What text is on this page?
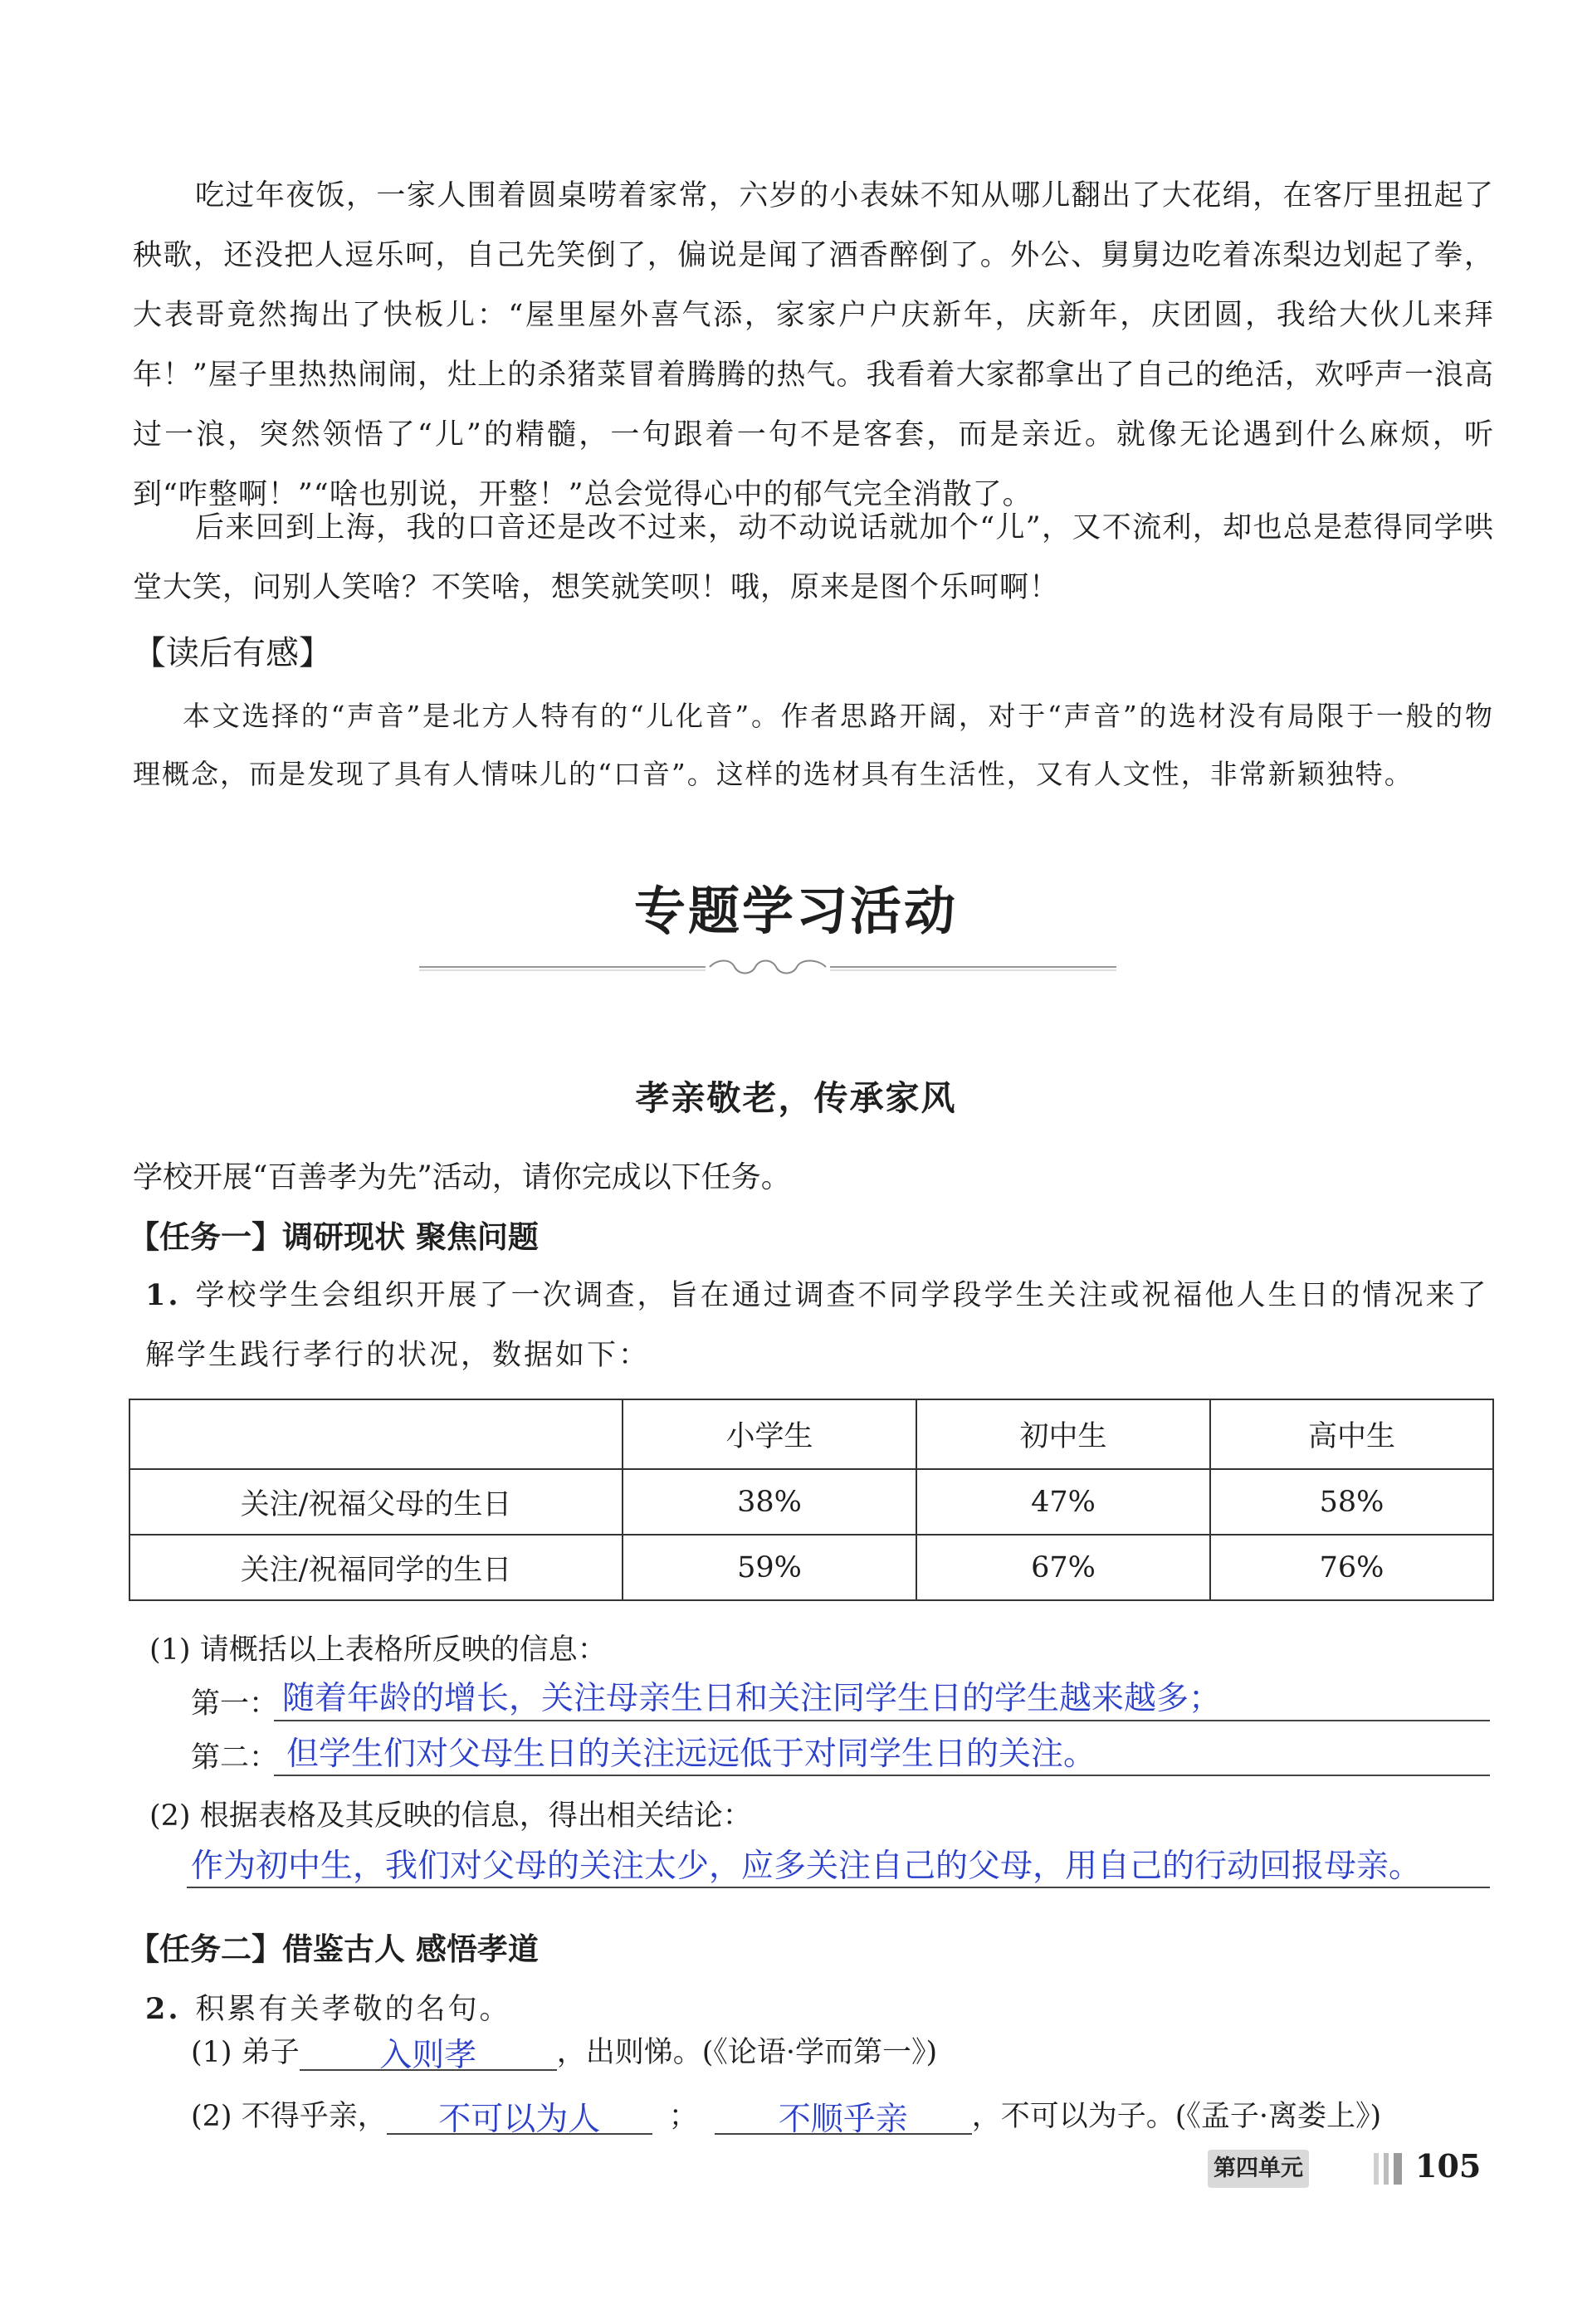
吃过年夜饭，一家人围着圆桌唠着家常，六岁的小表妹不知从哪儿翻出了大花绢，在客厅里扭起了秧歌，还没把人逗乐呵，自己先笑倒了，偏说是闻了酒香醉倒了。外公、舅舅边吃着冻梨边划起了拳，大表哥竟然掏出了快板儿：“屋里屋外喜气添，家家户户庆新年，庆新年，庆团圆，我给大伙儿来拜年！”屋子里热热闹闹，灶上的杀猪菜冒着腾腾的热气。我看着大家都拿出了自己的绝活，欢呼声一浪高过一浪，突然领悟了“儿”的精髓，一句跟着一句不是客套，而是亲近。就像无论遇到什么麻烦，听到“咋整啊！”“啥也别说，开整！”总会觉得心中的郁气完全消散了。
后来回到上海，我的口音还是改不过来，动不动说话就加个“儿”，又不流利，却也总是惹得同学哄堂大笑，问别人笑啥？不笑啥，想笑就笑呗！哦，原来是图个乐呵啊！
【读后有感】
本文选择的“声音”是北方人特有的“儿化音”。作者思路开阔，对于“声音”的选材没有局限于一般的物理概念，而是发现了具有人情味儿的“口音”。这样的选材具有生活性，又有人文性，非常新颖独特。
专题学习活动
孝亲敬老，传承家风
学校开展“百善孝为先”活动，请你完成以下任务。
【任务一】调研现状 聚焦问题
1. 学校学生会组织开展了一次调查，旨在通过调查不同学段学生关注或祝福他人生日的情况来了解学生践行孝行的状况，数据如下：
	小学生	初中生	高中生
关注/祝福父母的生日	38%	47%	58%
关注/祝福同学的生日	59%	67%	76%
(1) 请概括以上表格所反映的信息：
第一： 随着年龄的增长，关注母亲生日和关注同学生日的学生越来越多；
第二： 但学生们对父母生日的关注远远低于对同学生日的关注。
(2) 根据表格及其反映的信息，得出相关结论：
作为初中生，我们对父母的关注太少，应多关注自己的父母，用自己的行动回报母亲。
【任务二】借鉴古人 感悟孝道
2. 积累有关孝敬的名句。
(1) 弟子 入则孝	，出则悌。(《论语·学而第一》)
(2) 不得乎亲， 不可以为人 ； 不顺乎亲 ，不可以为子。(《孟子·离娄上》)
第四单元	105
